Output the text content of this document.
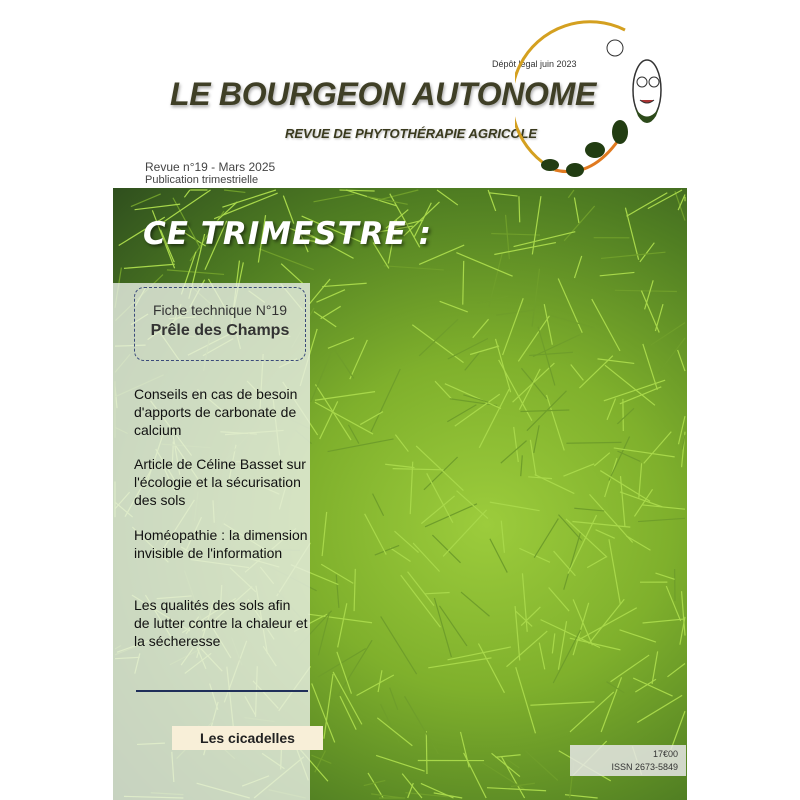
LE BOURGEON AUTONOME
REVUE DE PHYTOTHÉRAPIE AGRICOLE
Dépôt légal juin 2023
Revue n°19 - Mars 2025
Publication trimestrielle
CE TRIMESTRE :
Fiche technique N°19
Prêle des Champs
Conseils en cas de besoin d'apports de carbonate de calcium
Article de Céline Basset sur l'écologie et la sécurisation des sols
Homéopathie : la dimension invisible de l'information
Les qualités des sols afin de lutter contre la chaleur et la sécheresse
Les cicadelles
17€00
ISSN 2673-5849
